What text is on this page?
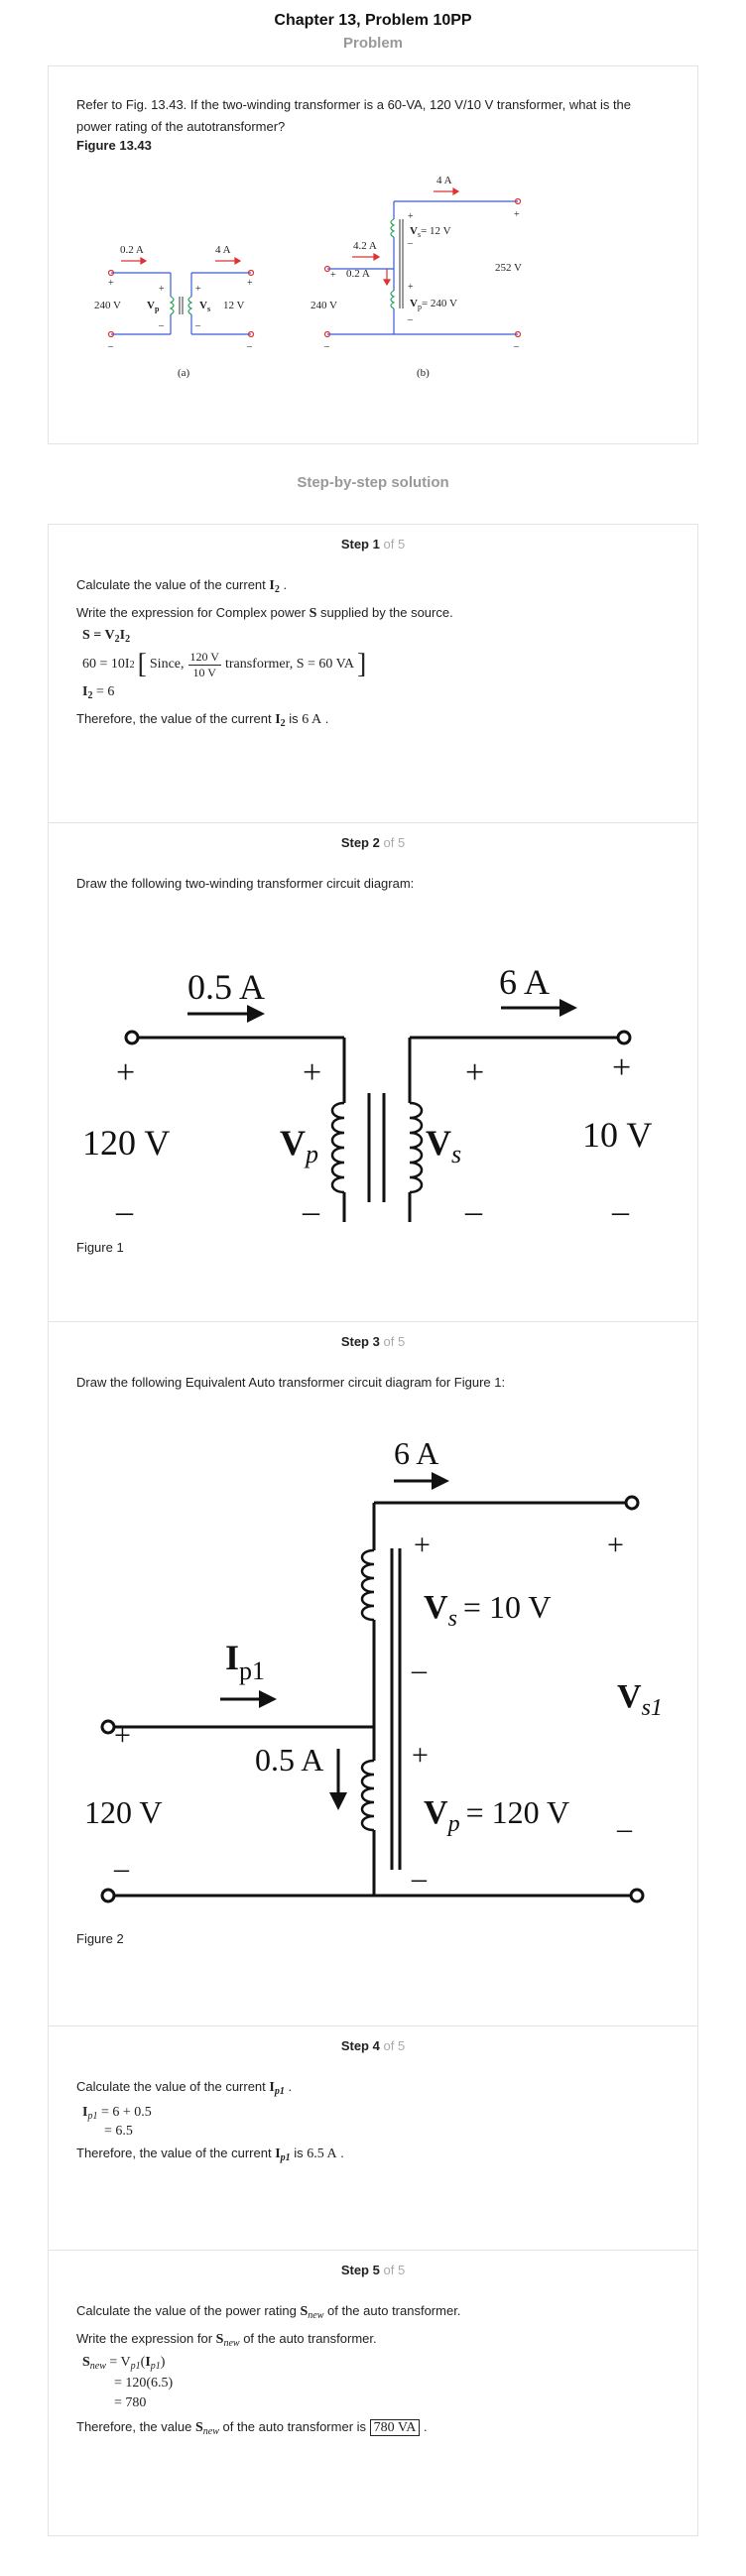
Chapter 13, Problem 10PP
Problem

Refer to Fig. 13.43. If the two-winding transformer is a 60-VA, 120 V/10 V transformer, what is the power rating of the autotransformer?

Figure 13.43

0.2 A	4 A
+
–
+
–
+	+
–	–
240 V $V_p$	$V_s$ 12 V
(a)
4 A
4.2 A
0.2 A
+
+
+
–
+
–
–	–
$V_s= 12$ V
$V_p= 240$ V
240 V
252 V
(b)
Step-by-step solution
Step 1 of 5

Calculate the value of the current $I_2$ .

Write the expression for Complex power S supplied by the source.

$S = V_2I_2$
60 = 10I 2 [ Since,
120 V
10 V
transformer, S = 60 VA ]
$I_2 = 6$

Therefore, the value of the current $I_2$ is 6 A .

Step 2 of 5

Draw the following two-winding transformer circuit diagram:

0.5 A	6 A
+	+	+	+
–	–	–	–
120 V	10 V
$V_p$	$V_s$

Figure 1

Step 3 of 5

Draw the following Equivalent Auto transformer circuit diagram for Figure 1:

6 A
$I_{p1}$
0.5 A
+	+
–
+
+
–
–
–
$V_s = 10$ V
$V_p = 120$ V
120 V
$V_{s1}$

Figure 2

Step 4 of 5

Calculate the value of the current $I_{p1}$ .

$I_{p1} = 6 + 0.5$
= 6.5

Therefore, the value of the current $I_{p1}$ is 6.5 A .

Step 5 of 5

Calculate the value of the power rating $S_{new}$ of the auto transformer.

Write the expression for $S_{new}$ of the auto transformer.

$S_{new} = V_{p1}(I_{p1})$
= 120(6.5)
= 780

Therefore, the value $S_{new}$ of the auto transformer is 780 VA .
